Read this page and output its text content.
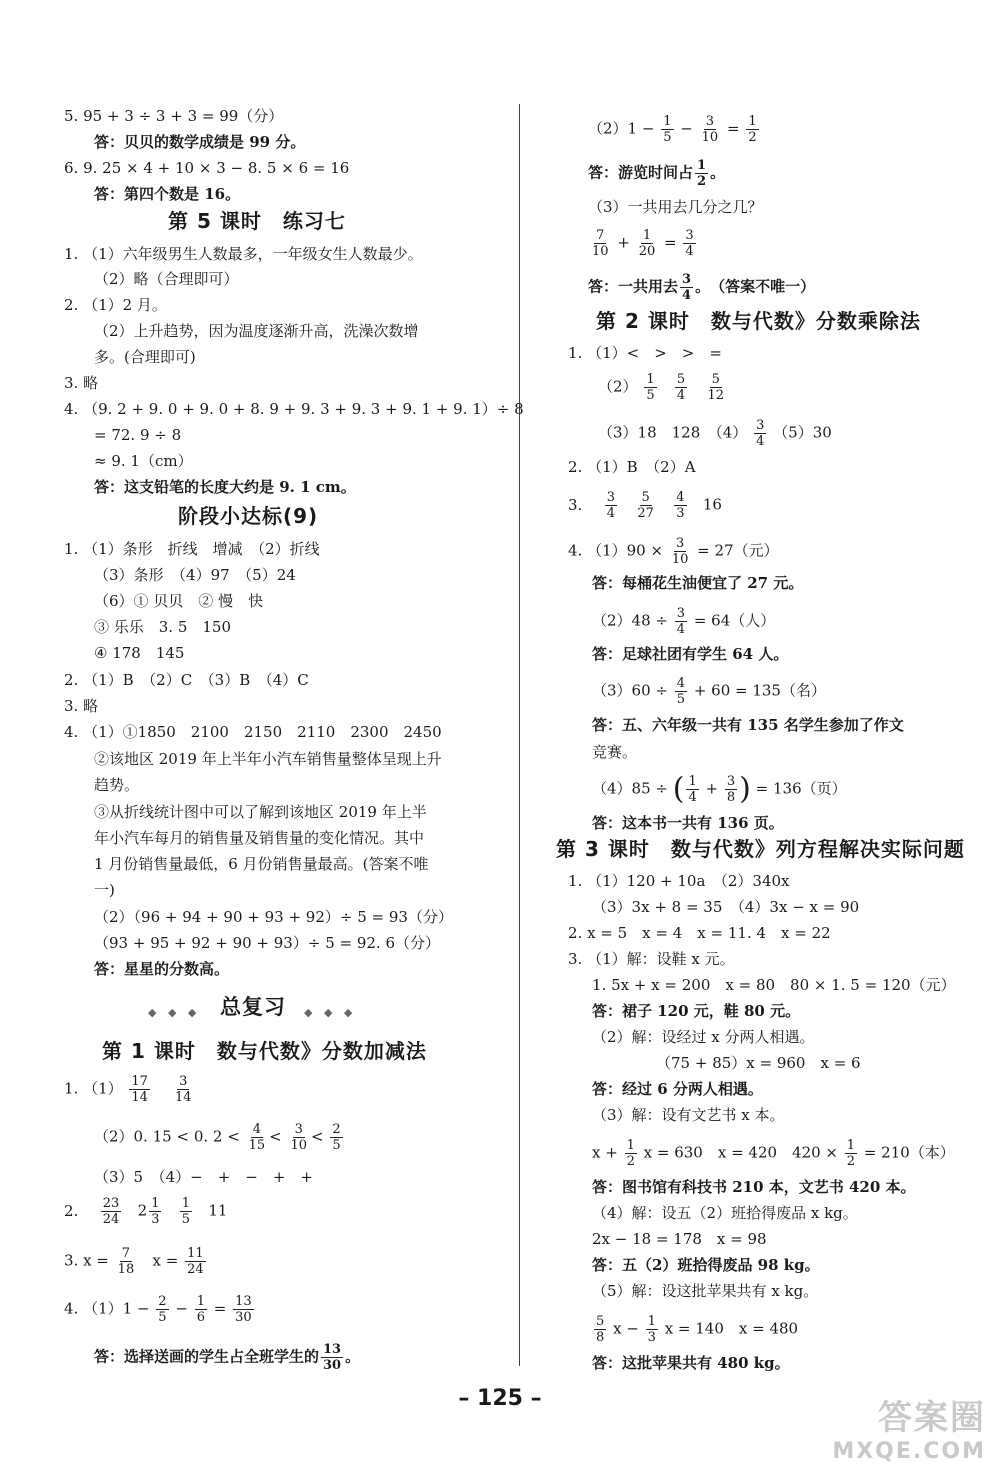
5. 95 + 3 ÷ 3 + 3 = 99（分）
答：贝贝的数学成绩是 99 分。
6. 9. 25 × 4 + 10 × 3 − 8. 5 × 6 = 16
答：第四个数是 16。
第 5 课时　练习七
1. （1）六年级男生人数最多，一年级女生人数最少。
（2）略（合理即可）
2. （1）2 月。
（2）上升趋势，因为温度逐渐升高，洗澡次数增
多。(合理即可)
3. 略
4. （9. 2 + 9. 0 + 9. 0 + 8. 9 + 9. 3 + 9. 3 + 9. 1 + 9. 1）÷ 8
= 72. 9 ÷ 8
≈ 9. 1（cm）
答：这支铅笔的长度大约是 9. 1 cm。
阶段小达标(9)
1. （1）条形　折线　增减　（2）折线
（3）条形　（4）97　（5）24
（6）① 贝贝　② 慢　快
③ 乐乐　3. 5　150
④ 178　145
2. （1）B　（2）C　（3）B　（4）C
3. 略
4. （1）①1850　2100　2150　2110　2300　2450
②该地区 2019 年上半年小汽车销售量整体呈现上升
趋势。
③从折线统计图中可以了解到该地区 2019 年上半
年小汽车每月的销售量及销售量的变化情况。其中
1 月份销售量最低，6 月份销售量最高。(答案不唯
一)
（2）（96 + 94 + 90 + 93 + 92）÷ 5 = 93（分）
（93 + 95 + 92 + 90 + 93）÷ 5 = 92. 6（分）
答：星星的分数高。
◆ ◆ ◆ 总复习 ◆ ◆ ◆
第 1 课时　数与代数》分数加减法
1. $(1) \frac{17}{14}$
$\frac{3}{14}$
（2）0. 15 < 0. $2 < \frac{4}{15} < \frac{3}{10} < \frac{2}{5}$
（3）5　（4）−　+　−　+　+
2. $\frac{23}{24} 2 \frac{1}{3}$
$\frac{1}{5} 11$
3. $x = \frac{7}{18}$ $x = \frac{11}{24}$
4. $(1)1 - \frac{2}{5} - \frac{1}{6} = \frac{13}{30}$
答：选择送画的学生占全班学生的 $\frac{13}{30}$ 。
$(2)1 - \frac{1}{5} - \frac{3}{10} = \frac{1}{2}$
答：游览时间占 $\frac{1}{2}$ 。
（3）一共用去几分之几？
$\frac{7}{10} + \frac{1}{20} = \frac{3}{4}$
答：一共用去 $\frac{3}{4}$ 。　（答案不唯一）
第 2 课时　数与代数》分数乘除法
1. （1）<　>　>　=
$(2) \frac{1}{5}$
$\frac{5}{4}$
$\frac{5}{12}$
（3）18　128　$(4) \frac{3}{4} (5)30$
2. （1）B　（2）A
3. $\frac{3}{4}$
$\frac{5}{27}$
$\frac{4}{3} 16$
4. $(1)90 \times \frac{3}{10} = 27$（元）
答：每桶花生油便宜了 27 元。
$(2)48 \div \frac{3}{4} = 64$（人）
答：足球社团有学生 64 人。
$(3)60 \div \frac{4}{5} + 60 = 135$（名）
答：五、六年级一共有 135 名学生参加了作文
竞赛。
（4）85 ÷ ( $\frac{1}{4} + \frac{3}{8}$ ) = 136（页）
答：这本书一共有 136 页。
第 3 课时　数与代数》列方程解决实际问题
1. （1）120 + 10a　（2）340x
（3）3x + 8 = 35　（4）3x − x = 90
2. x = 5　x = 4　x = 11. 4　x = 22
3. （1）解：设鞋 x 元。
1. 5x + x = 200　x = 80　80 × 1. 5 = 120（元）
答：裙子 120 元，鞋 80 元。
（2）解：设经过 x 分两人相遇。
（75 + 85）x = 960　x = 6
答：经过 6 分两人相遇。
（3）解：设有文艺书 x 本。
$x + \frac{1}{2}$ x = 630　x = 420　$420 \times \frac{1}{2} = 210$（本）
答：图书馆有科技书 210 本，文艺书 420 本。
（4）解：设五（2）班拾得废品 x kg。
2x − 18 = 178　x = 98
答：五（2）班拾得废品 98 kg。
（5）解：设这批苹果共有 x kg。
$\frac{5}{8}$ $x - \frac{1}{3}$ x = 140　x = 480
答：这批苹果共有 480 kg。
– 125 –	答案圈
MXQE.COM
